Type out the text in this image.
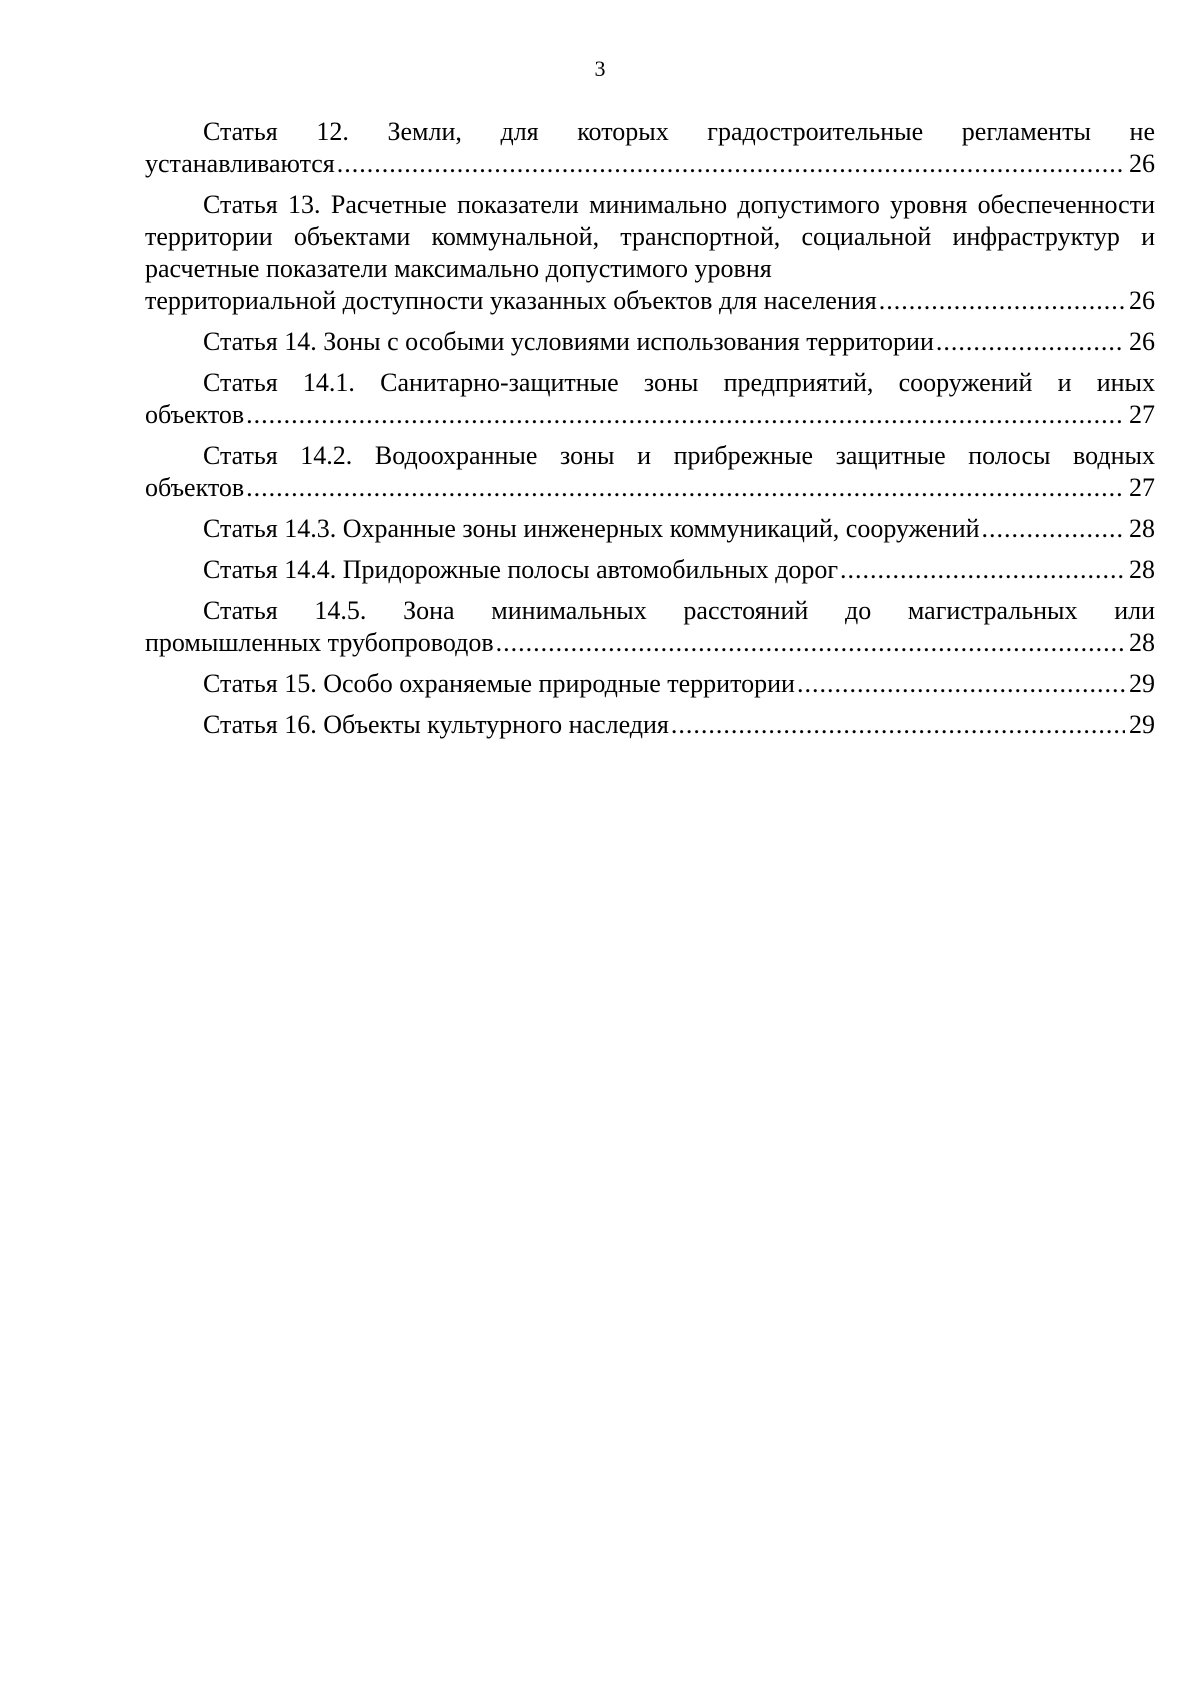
3
Статья 12. Земли, для которых градостроительные регламенты не
устанавливаются .....	26
Статья 13. Расчетные показатели минимально допустимого уровня обеспеченности территории объектами коммунальной, транспортной, социальной инфраструктур и расчетные показатели максимально допустимого уровня
территориальной доступности указанных объектов для населения .....	26
Статья 14. Зоны с особыми условиями использования территории .....	26
Статья 14.1. Санитарно-защитные зоны предприятий, сооружений и иных
объектов .....	27
Статья 14.2. Водоохранные зоны и прибрежные защитные полосы водных
объектов .....	27
Статья 14.3. Охранные зоны инженерных коммуникаций, сооружений .....	28
Статья 14.4. Придорожные полосы автомобильных дорог .....	28
Статья 14.5. Зона минимальных расстояний до магистральных или
промышленных трубопроводов .....	28
Статья 15. Особо охраняемые природные территории .....	29
Статья 16. Объекты культурного наследия .....	29
